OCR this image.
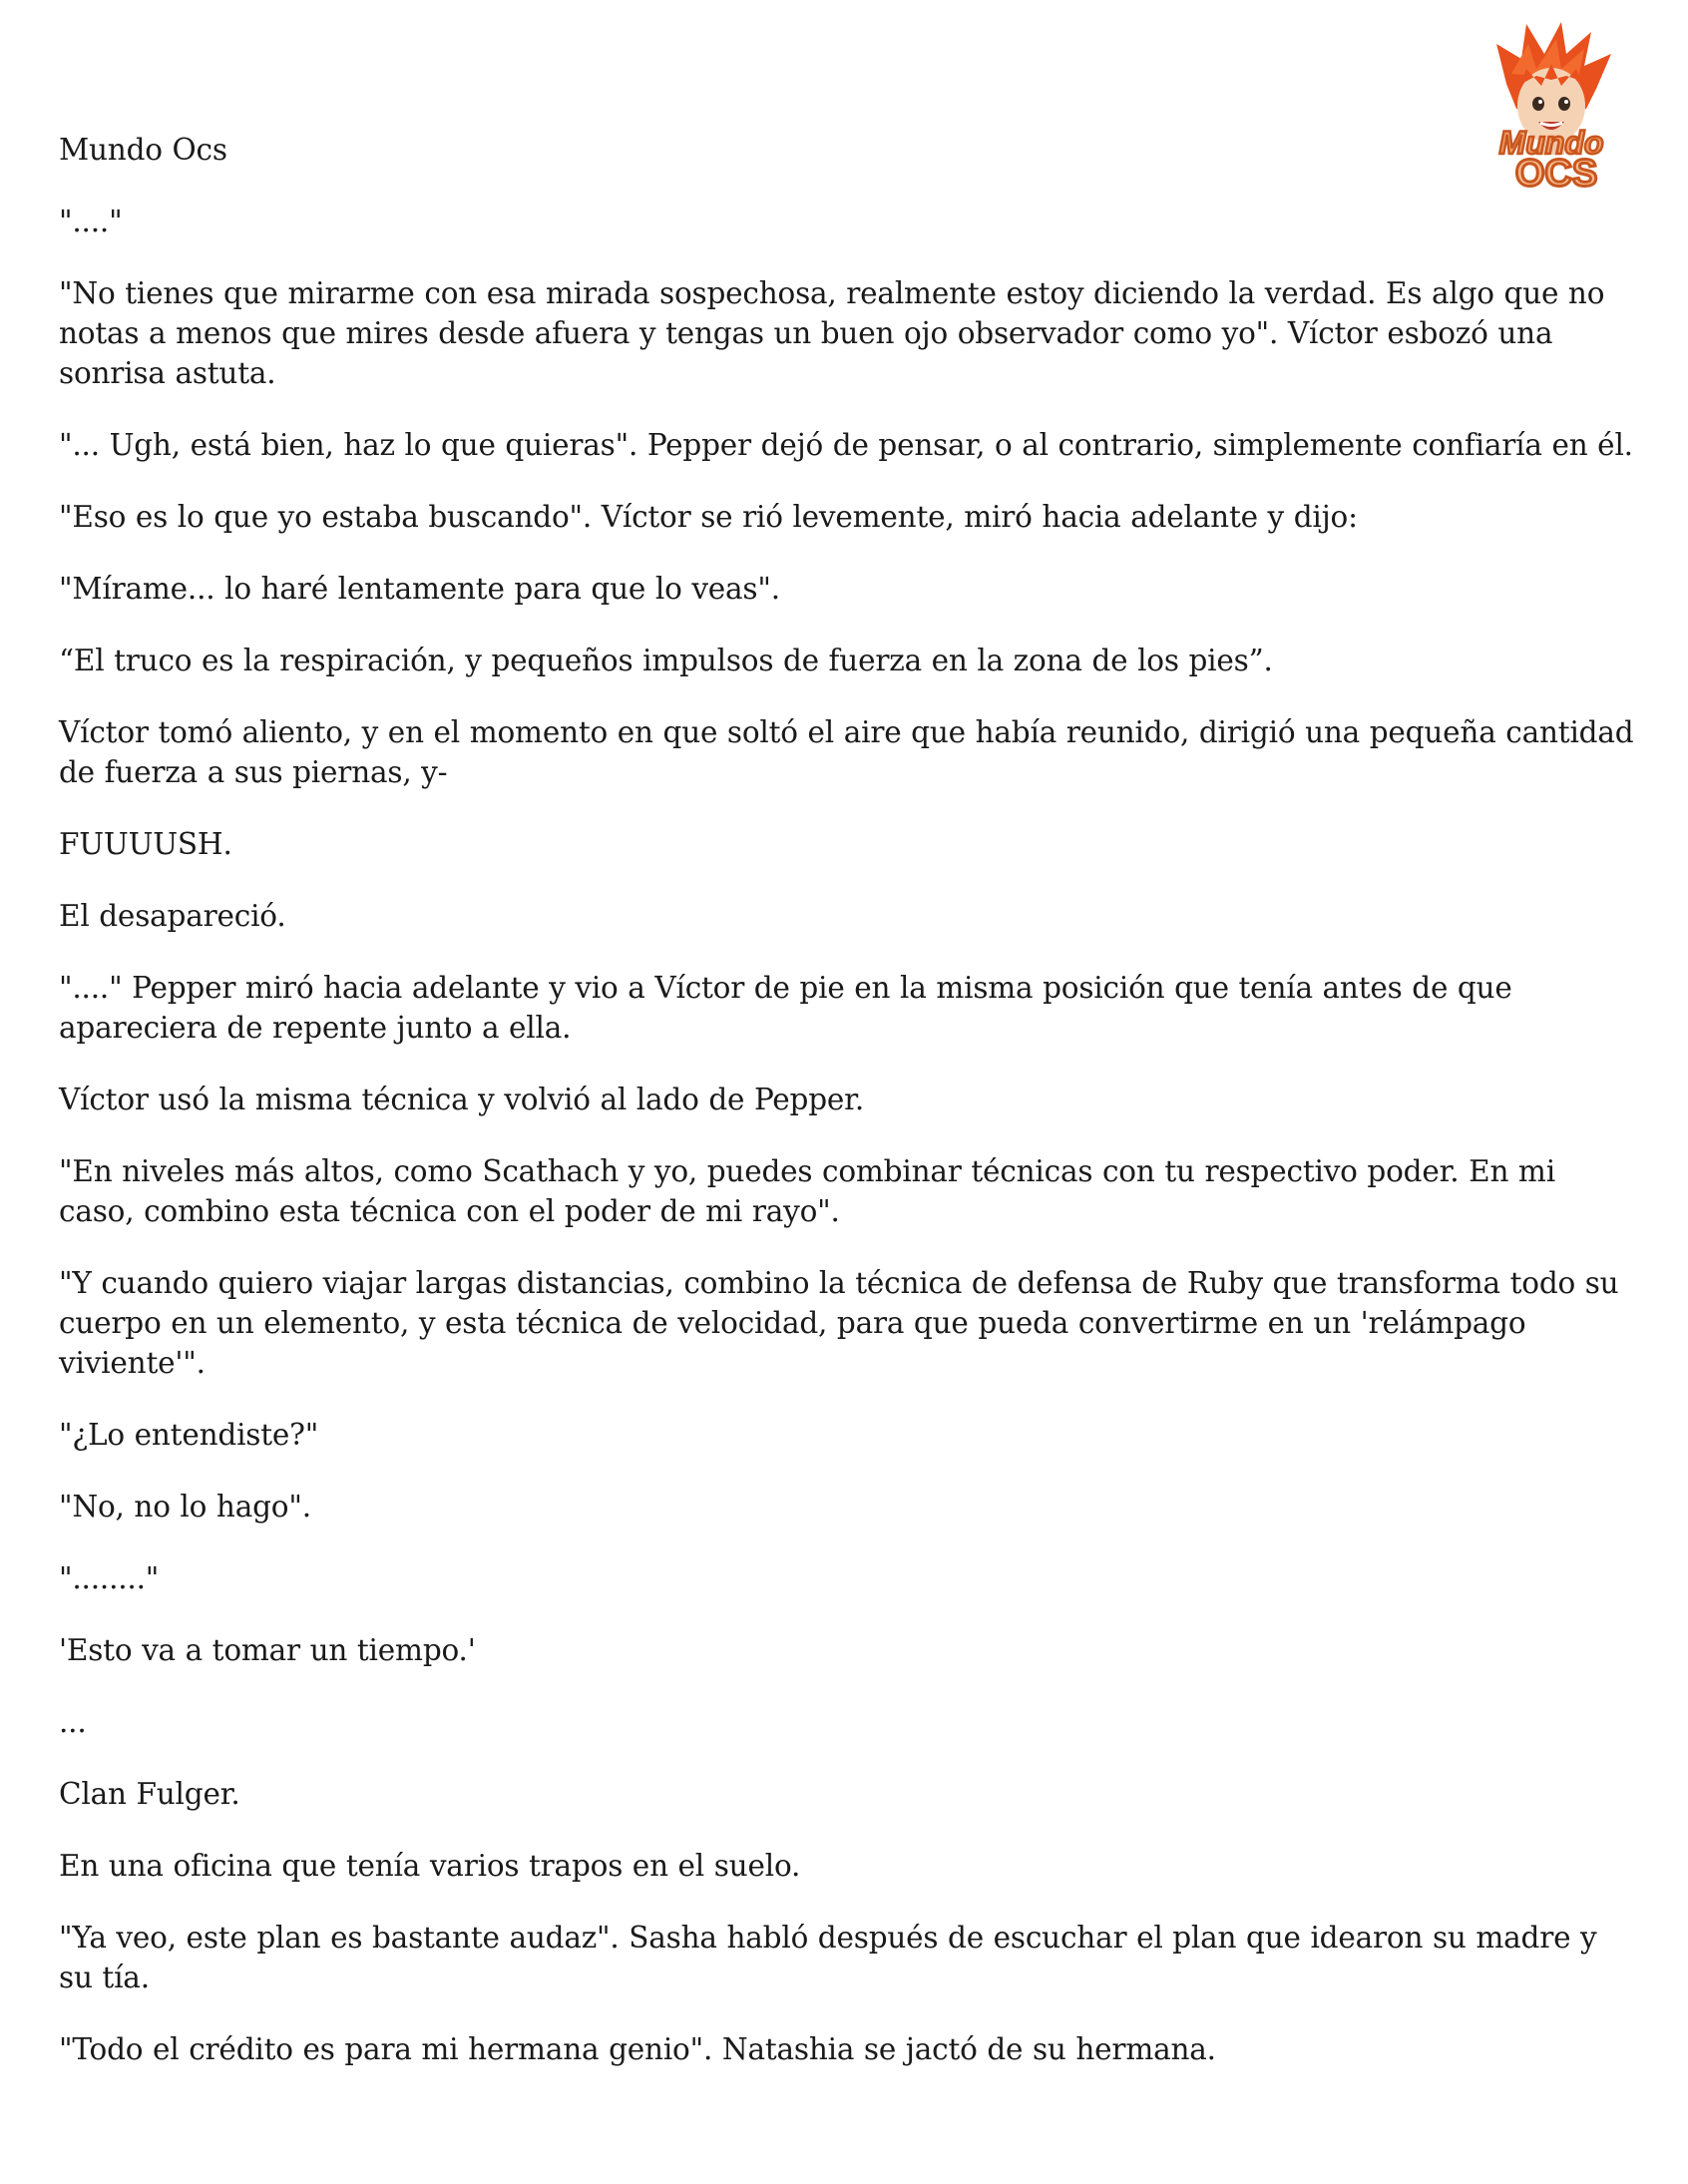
Mundo
OCS

Mundo Ocs

"...."

"No tienes que mirarme con esa mirada sospechosa, realmente estoy diciendo la verdad. Es algo que no notas a menos que mires desde afuera y tengas un buen ojo observador como yo". Víctor esbozó una sonrisa astuta.

"... Ugh, está bien, haz lo que quieras". Pepper dejó de pensar, o al contrario, simplemente confiaría en él.

"Eso es lo que yo estaba buscando". Víctor se rió levemente, miró hacia adelante y dijo:

"Mírame... lo haré lentamente para que lo veas".

“El truco es la respiración, y pequeños impulsos de fuerza en la zona de los pies”.

Víctor tomó aliento, y en el momento en que soltó el aire que había reunido, dirigió una pequeña cantidad de fuerza a sus piernas, y-

FUUUUSH.

El desapareció.

"...." Pepper miró hacia adelante y vio a Víctor de pie en la misma posición que tenía antes de que apareciera de repente junto a ella.

Víctor usó la misma técnica y volvió al lado de Pepper.

"En niveles más altos, como Scathach y yo, puedes combinar técnicas con tu respectivo poder. En mi caso, combino esta técnica con el poder de mi rayo".

"Y cuando quiero viajar largas distancias, combino la técnica de defensa de Ruby que transforma todo su cuerpo en un elemento, y esta técnica de velocidad, para que pueda convertirme en un 'relámpago viviente'".

"¿Lo entendiste?"

"No, no lo hago".

"........"

'Esto va a tomar un tiempo.'

...

Clan Fulger.

En una oficina que tenía varios trapos en el suelo.

"Ya veo, este plan es bastante audaz". Sasha habló después de escuchar el plan que idearon su madre y su tía.

"Todo el crédito es para mi hermana genio". Natashia se jactó de su hermana.
